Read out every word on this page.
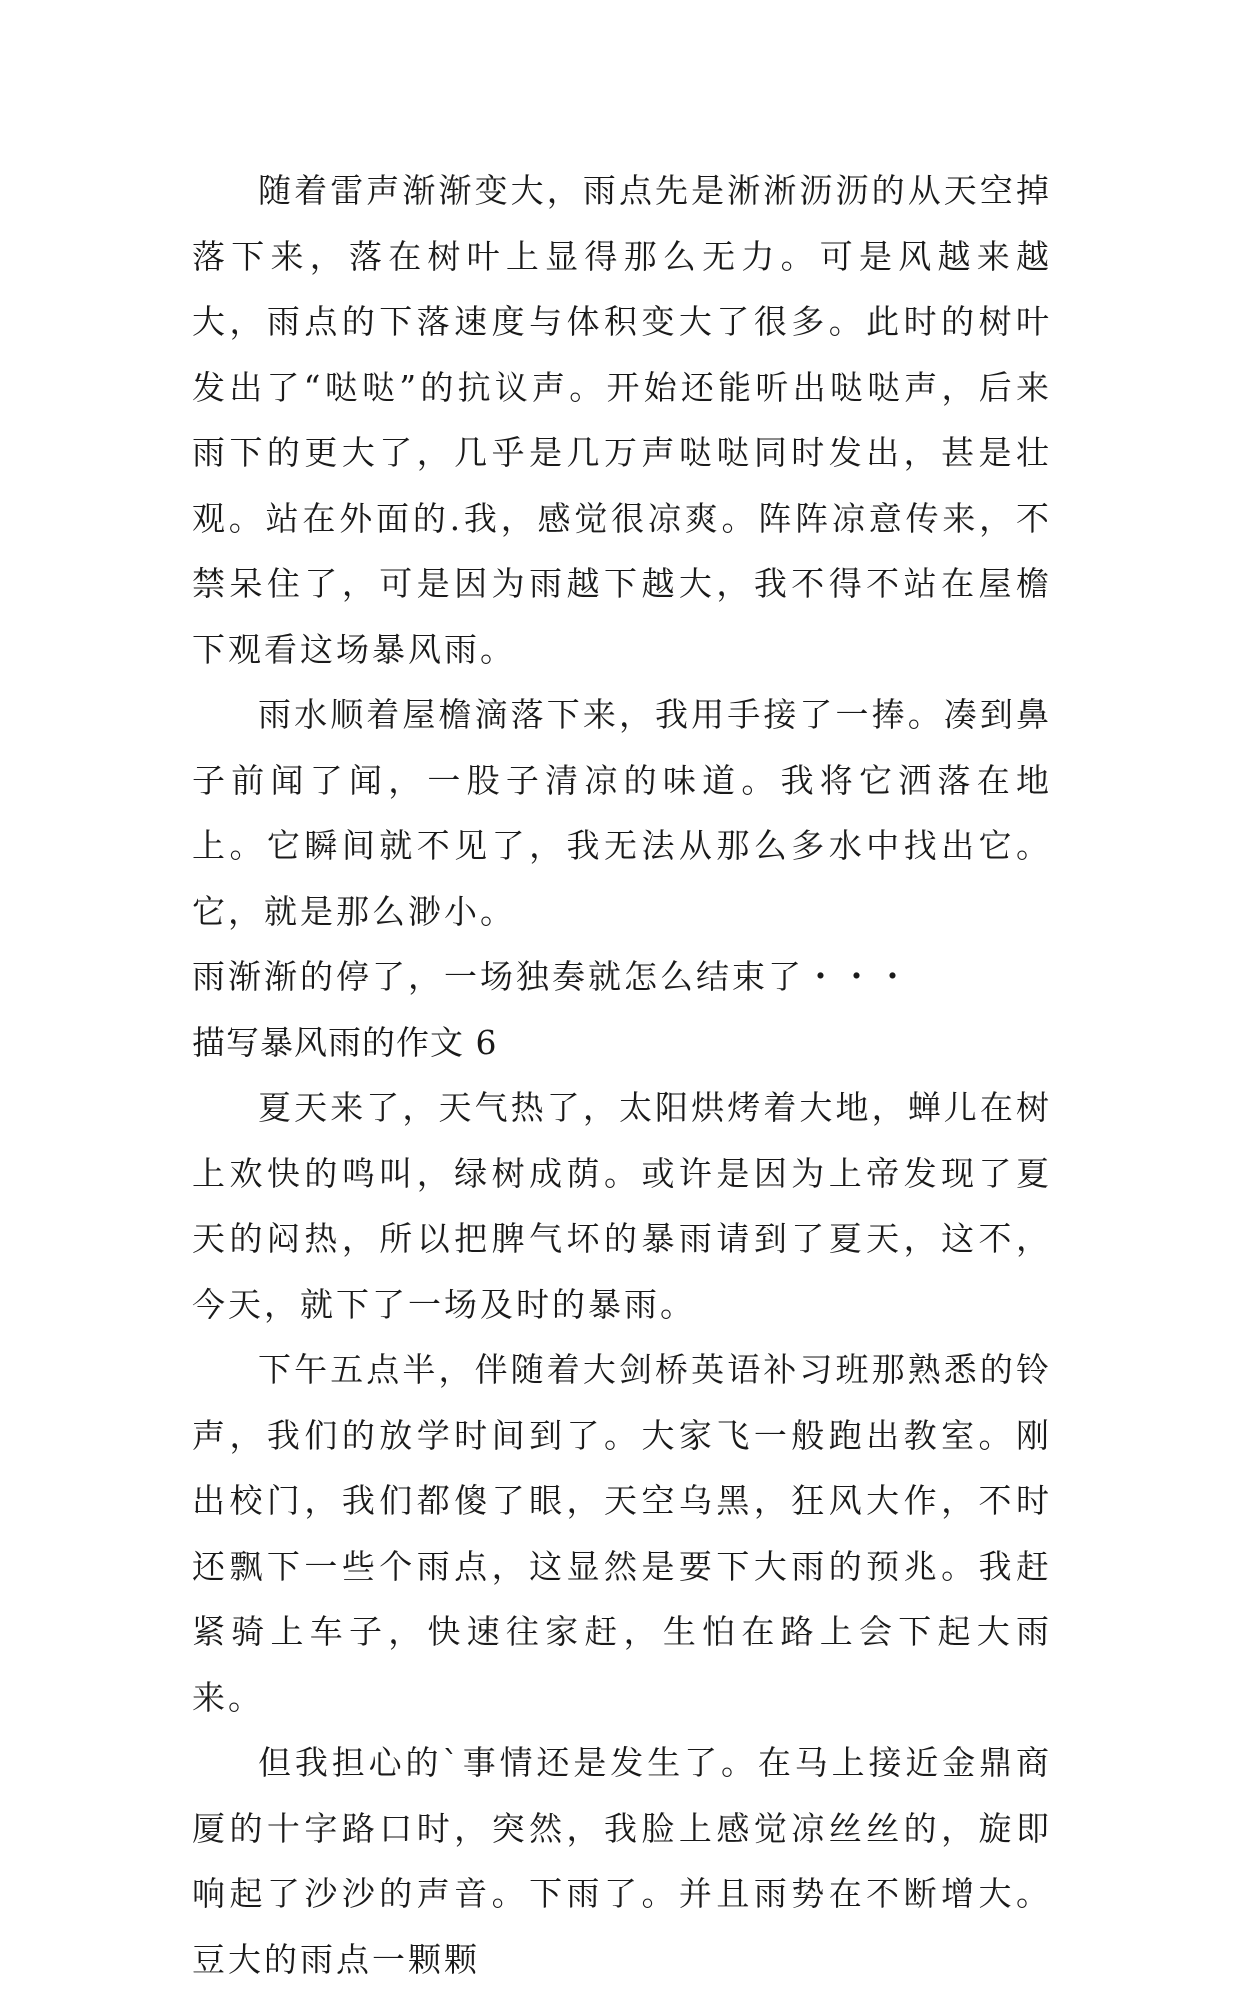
随着雷声渐渐变大，雨点先是淅淅沥沥的从天空掉落下来，落在树叶上显得那么无力。可是风越来越大，雨点的下落速度与体积变大了很多。此时的树叶发出了“哒哒”的抗议声。开始还能听出哒哒声，后来雨下的更大了，几乎是几万声哒哒同时发出，甚是壮观。站在外面的.我，感觉很凉爽。阵阵凉意传来，不禁呆住了，可是因为雨越下越大，我不得不站在屋檐下观看这场暴风雨。

雨水顺着屋檐滴落下来，我用手接了一捧。凑到鼻子前闻了闻，一股子清凉的味道。我将它洒落在地上。它瞬间就不见了，我无法从那么多水中找出它。它，就是那么渺小。

雨渐渐的停了，一场独奏就怎么结束了・・・

描写暴风雨的作文 6

夏天来了，天气热了，太阳烘烤着大地，蝉儿在树上欢快的鸣叫，绿树成荫。或许是因为上帝发现了夏天的闷热，所以把脾气坏的暴雨请到了夏天，这不，今天，就下了一场及时的暴雨。

下午五点半，伴随着大剑桥英语补习班那熟悉的铃声，我们的放学时间到了。大家飞一般跑出教室。刚出校门，我们都傻了眼，天空乌黑，狂风大作，不时还飘下一些个雨点，这显然是要下大雨的预兆。我赶紧骑上车子，快速往家赶，生怕在路上会下起大雨来。

但我担心的`事情还是发生了。在马上接近金鼎商厦的十字路口时，突然，我脸上感觉凉丝丝的，旋即响起了沙沙的声音。下雨了。并且雨势在不断增大。豆大的雨点一颗颗
